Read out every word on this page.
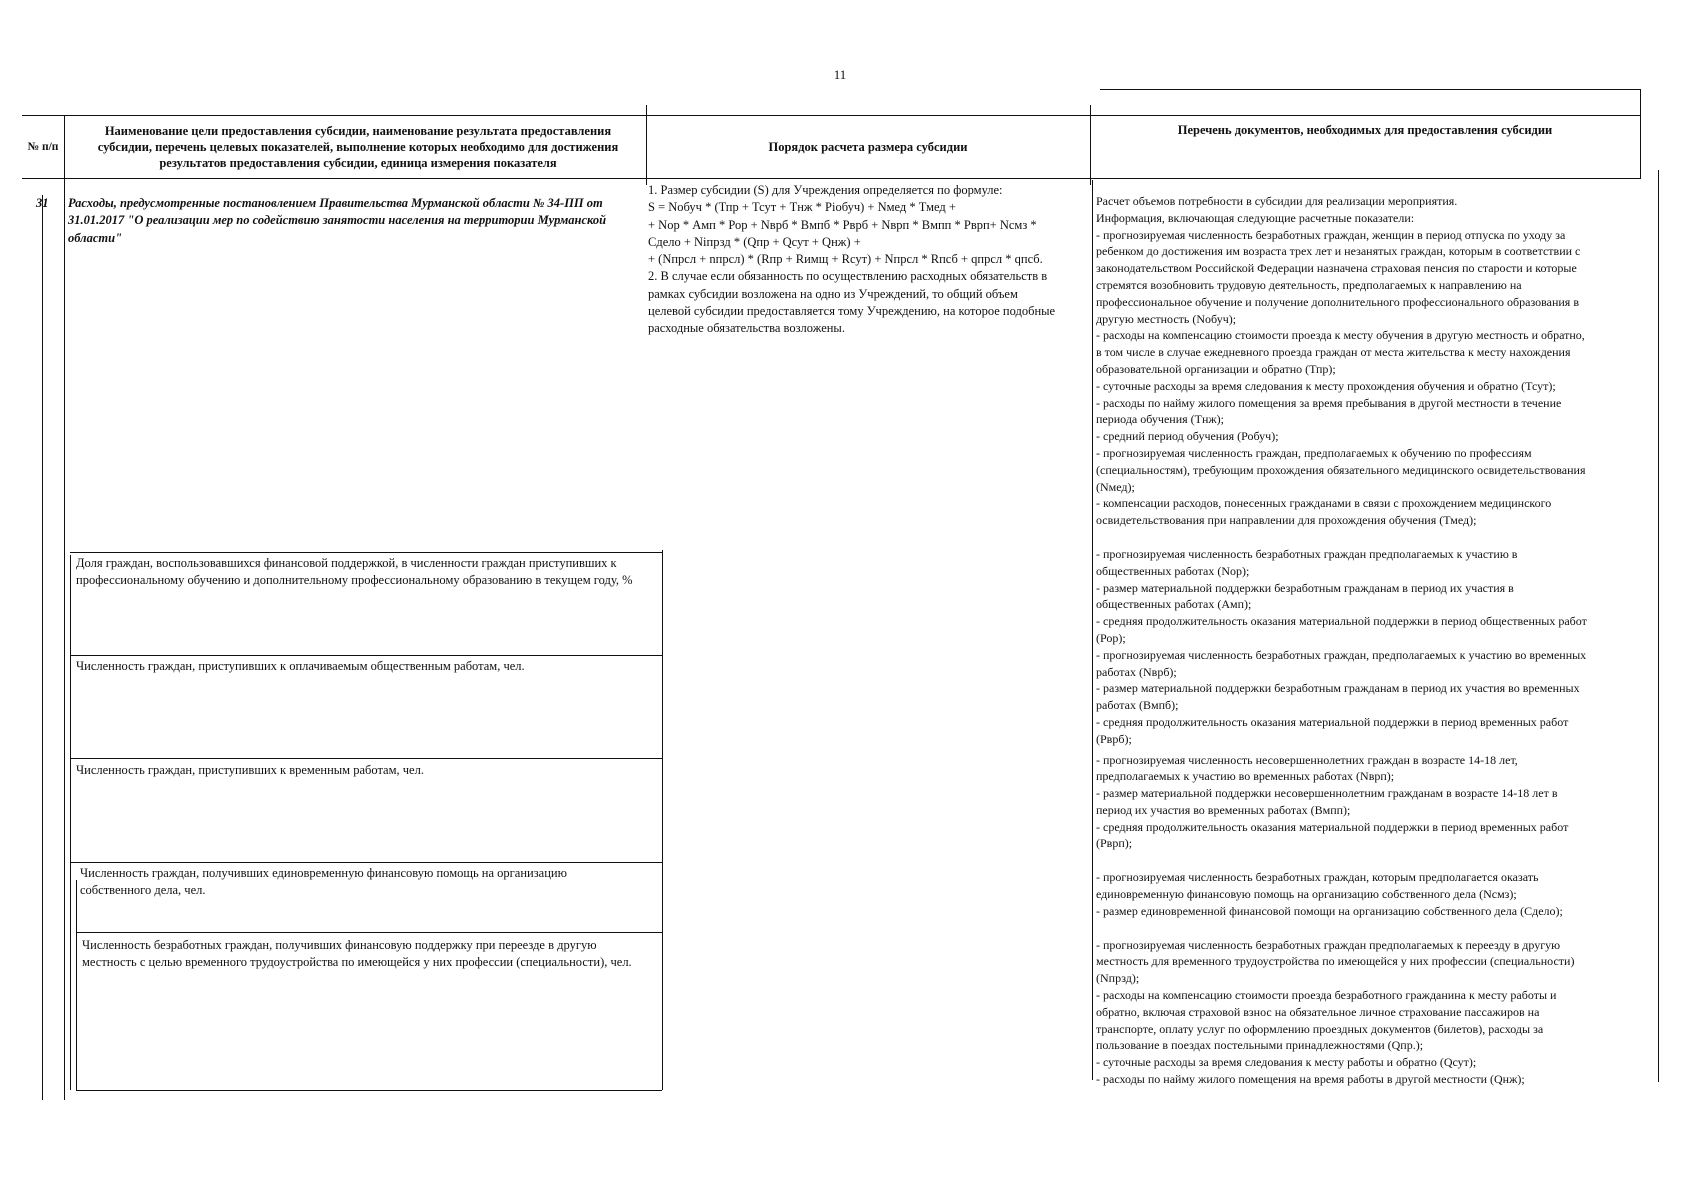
11
№ п/п
Наименование цели предоставления субсидии, наименование результата предоставления субсидии, перечень целевых показателей, выполнение которых необходимо для достижения результатов предоставления субсидии, единица измерения показателя
Порядок расчета размера субсидии
Перечень документов, необходимых для предоставления субсидии
31 Расходы, предусмотренные постановлением Правительства Мурманской области № 34-ПП от 31.01.2017 "О реализации мер по содействию занятости населения на территории Мурманской области"
Доля граждан, воспользовавшихся финансовой поддержкой, в численности граждан приступивших к профессиональному обучению и дополнительному профессиональному образованию в текущем году, %
Численность граждан, приступивших к оплачиваемым общественным работам, чел.
Численность граждан, приступивших к временным работам, чел.
Численность граждан, получивших единовременную финансовую помощь на организацию собственного дела, чел.
Численность безработных граждан, получивших финансовую поддержку при переезде в другую местность с целью временного трудоустройства по имеющейся у них профессии (специальности), чел.
1. Размер субсидии (S) для Учреждения определяется по формуле:
S = Nобуч * (Тпр + Тсут + Тнж * Рiобуч) + Nмед * Тмед +
+ Nор * Амп * Рор + Nврб * Вмпб * Рврб + Nврп * Вмпп * Рврп+ Nсмз *
Сдело + Niпрзд * (Qпр + Qсут + Qнж) +
+ (Nпрсл + nпрсл) * (Rпр + Rимщ + Rсут) + Nпрсл * Rпсб + qпрсл * qпсб.
2. В случае если обязанность по осуществлению расходных обязательств в
рамках субсидии возложена на одно из Учреждений, то общий объем
целевой субсидии предоставляется тому Учреждению, на которое подобные
расходные обязательства возложены.
Расчет объемов потребности в субсидии для реализации мероприятия.
Информация, включающая следующие расчетные показатели:
- прогнозируемая численность безработных граждан, женщин в период отпуска по уходу за
ребенком до достижения им возраста трех лет и незанятых граждан, которым в соответствии с
законодательством Российской Федерации назначена страховая пенсия по старости и которые
стремятся возобновить трудовую деятельность, предполагаемых к направлению на
профессиональное обучение и получение дополнительного профессионального образования в
другую местность (Nобуч);
- расходы на компенсацию стоимости проезда к месту обучения в другую местность и обратно,
в том числе в случае ежедневного проезда граждан от места жительства к месту нахождения
образовательной организации и обратно (Тпр);
- суточные расходы за время следования к месту прохождения обучения и обратно (Тсут);
- расходы по найму жилого помещения за время пребывания в другой местности в течение
периода обучения (Тнж);
- средний период обучения (Робуч);
- прогнозируемая численность граждан, предполагаемых к обучению по профессиям
(специальностям), требующим прохождения обязательного медицинского освидетельствования
(Nмед);
- компенсации расходов, понесенных гражданами в связи с прохождением медицинского
освидетельствования при направлении для прохождения обучения (Тмед);
- прогнозируемая численность безработных граждан предполагаемых к участию в
общественных работах (Nор);
- размер материальной поддержки безработным гражданам в период их участия в
общественных работах (Амп);
- средняя продолжительность оказания материальной поддержки в период общественных работ
(Рор);
- прогнозируемая численность безработных граждан, предполагаемых к участию во временных
работах (Nврб);
- размер материальной поддержки безработным гражданам в период их участия во временных
работах (Вмпб);
- средняя продолжительность оказания материальной поддержки в период временных работ
(Рврб);
- прогнозируемая численность несовершеннолетних граждан в возрасте 14-18 лет,
предполагаемых к участию во временных работах (Nврп);
- размер материальной поддержки несовершеннолетним гражданам в возрасте 14-18 лет в
период их участия во временных работах (Вмпп);
- средняя продолжительность оказания материальной поддержки в период временных работ
(Рврп);
- прогнозируемая численность безработных граждан, которым предполагается оказать
единовременную финансовую помощь на организацию собственного дела (Nсмз);
- размер единовременной финансовой помощи на организацию собственного дела (Сдело);
- прогнозируемая численность безработных граждан предполагаемых к переезду в другую
местность для временного трудоустройства по имеющейся у них профессии (специальности)
(Nпрзд);
- расходы на компенсацию стоимости проезда безработного гражданина к месту работы и
обратно, включая страховой взнос на обязательное личное страхование пассажиров на
транспорте, оплату услуг по оформлению проездных документов (билетов), расходы за
пользование в поездах постельными принадлежностями (Qпр.);
- суточные расходы за время следования к месту работы и обратно (Qсут);
- расходы по найму жилого помещения на время работы в другой местности (Qнж);
